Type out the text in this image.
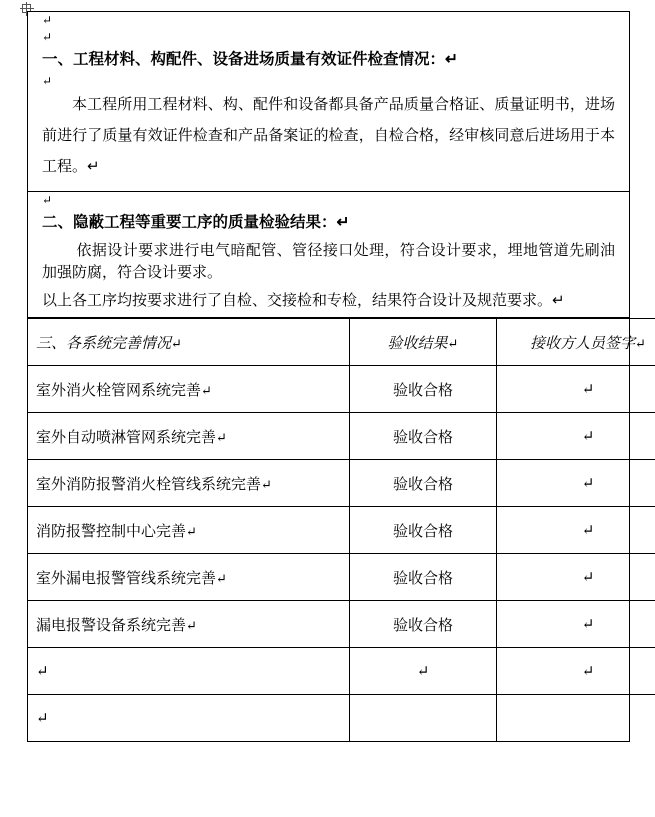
↵
↵
一、工程材料、构配件、设备进场质量有效证件检查情况：↵
↵
本工程所用工程材料、构、配件和设备都具备产品质量合格证、质量证明书，进场前进行了质量有效证件检查和产品备案证的检查，自检合格，经审核同意后进场用于本工程。↵
↵
二、隐蔽工程等重要工序的质量检验结果：↵
依据设计要求进行电气暗配管、管径接口处理，符合设计要求，埋地管道先刷油加强防腐，符合设计要求。
以上各工序均按要求进行了自检、交接检和专检，结果符合设计及规范要求。↵
三、各系统完善情况↵	验收结果↵	接收方人员签字↵
室外消火栓管网系统完善↵	验收合格	↵
室外自动喷淋管网系统完善↵	验收合格	↵
室外消防报警消火栓管线系统完善↵	验收合格	↵
消防报警控制中心完善↵	验收合格	↵
室外漏电报警管线系统完善↵	验收合格	↵
漏电报警设备系统完善↵	验收合格	↵
↵	↵	↵
↵		
